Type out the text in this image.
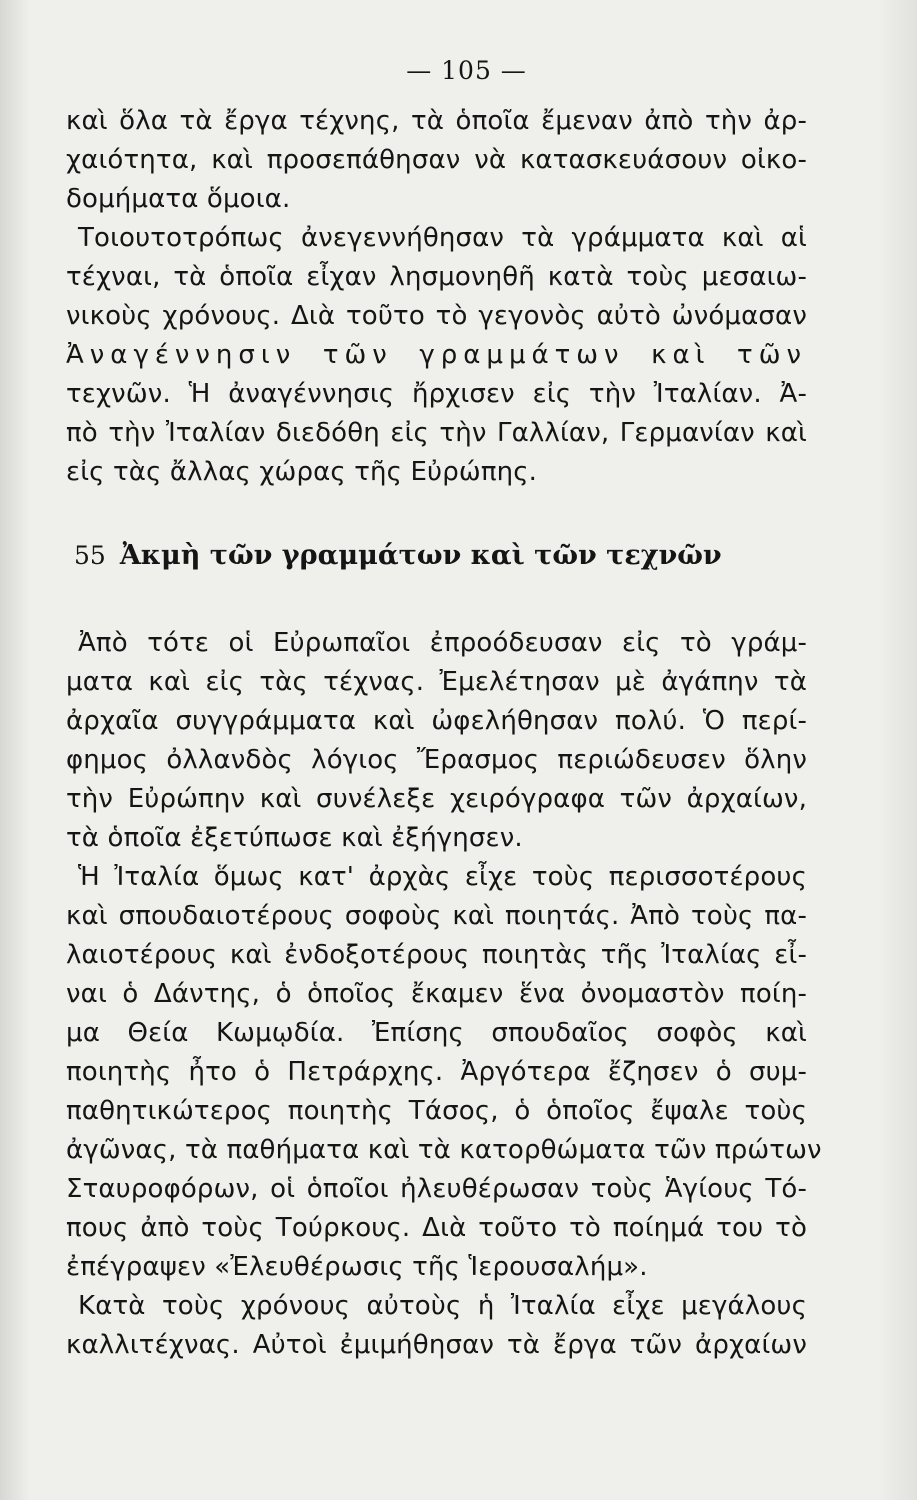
— 105 —
καὶ ὅλα τὰ ἔργα τέχνης, τὰ ὁποῖα ἔμεναν ἀπὸ τὴν ἀρ-
χαιότητα, καὶ προσεπάθησαν νὰ κατασκευάσουν οἰκο-
δομήματα ὅμοια.
Τοιουτοτρόπως ἀνεγεννήθησαν τὰ γράμματα καὶ αἱ
τέχναι, τὰ ὁποῖα εἶχαν λησμονηθῆ κατὰ τοὺς μεσαιω-
νικοὺς χρόνους. Διὰ τοῦτο τὸ γεγονὸς αὐτὸ ὠνόμασαν
Ἀναγέννησιν τῶν γραμμάτων καὶ τῶν
τεχνῶν. Ἡ ἀναγέννησις ἤρχισεν εἰς τὴν Ἰταλίαν. Ἀ-
πὸ τὴν Ἰταλίαν διεδόθη εἰς τὴν Γαλλίαν, Γερμανίαν καὶ
εἰς τὰς ἄλλας χώρας τῆς Εὐρώπης.
55 Ἀκμὴ τῶν γραμμάτων καὶ τῶν τεχνῶν
Ἀπὸ τότε οἱ Εὐρωπαῖοι ἐπροόδευσαν εἰς τὸ γράμ-
ματα καὶ εἰς τὰς τέχνας. Ἐμελέτησαν μὲ ἀγάπην τὰ
ἀρχαῖα συγγράμματα καὶ ὠφελήθησαν πολύ. Ὁ περί-
φημος ὀλλανδὸς λόγιος Ἔρασμος περιώδευσεν ὅλην
τὴν Εὐρώπην καὶ συνέλεξε χειρόγραφα τῶν ἀρχαίων,
τὰ ὁποῖα ἐξετύπωσε καὶ ἐξήγησεν.
Ἡ Ἰταλία ὅμως κατ' ἀρχὰς εἶχε τοὺς περισσοτέρους
καὶ σπουδαιοτέρους σοφοὺς καὶ ποιητάς. Ἀπὸ τοὺς πα-
λαιοτέρους καὶ ἐνδοξοτέρους ποιητὰς τῆς Ἰταλίας εἶ-
ναι ὁ Δάντης, ὁ ὁποῖος ἔκαμεν ἕνα ὀνομαστὸν ποίη-
μα Θεία Κωμῳδία. Ἐπίσης σπουδαῖος σοφὸς καὶ
ποιητὴς ἦτο ὁ Πετράρχης. Ἀργότερα ἔζησεν ὁ συμ-
παθητικώτερος ποιητὴς Τάσος, ὁ ὁποῖος ἔψαλε τοὺς
ἀγῶνας, τὰ παθήματα καὶ τὰ κατορθώματα τῶν πρώτων
Σταυροφόρων, οἱ ὁποῖοι ἠλευθέρωσαν τοὺς Ἁγίους Τό-
πους ἀπὸ τοὺς Τούρκους. Διὰ τοῦτο τὸ ποίημά του τὸ
ἐπέγραψεν «Ἐλευθέρωσις τῆς Ἱερουσαλήμ».
Κατὰ τοὺς χρόνους αὐτοὺς ἡ Ἰταλία εἶχε μεγάλους
καλλιτέχνας. Αὐτοὶ ἐμιμήθησαν τὰ ἔργα τῶν ἀρχαίων
